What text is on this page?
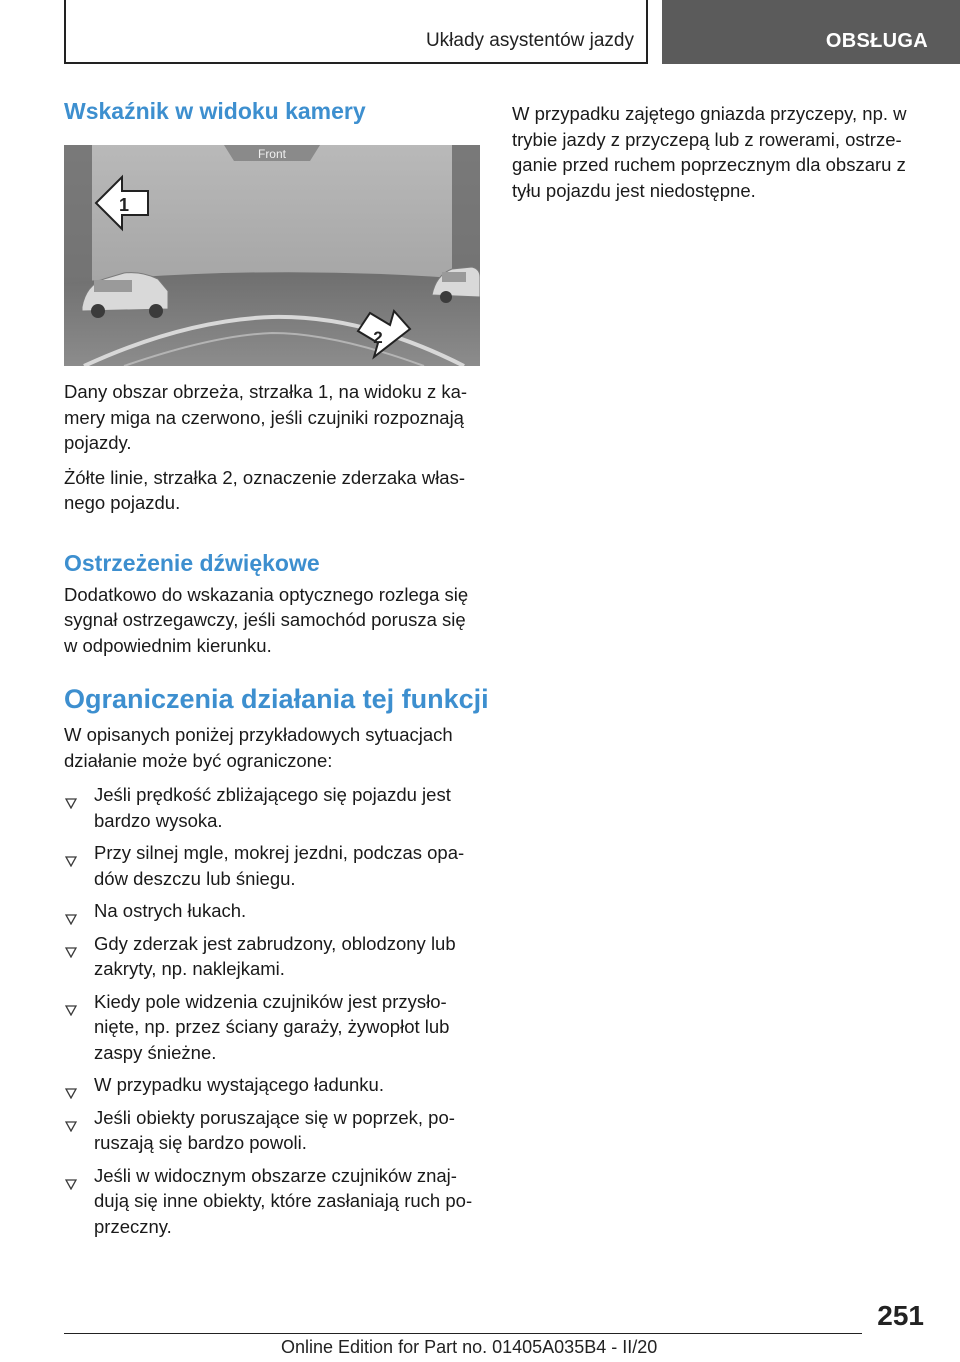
Układy asystentów jazdy	OBSŁUGA
Wskaźnik w widoku kamery
Front
1
2

Dany obszar obrzeża, strzałka 1, na widoku z kamery miga na czerwono, jeśli czujniki rozpoznają pojazdy.

Żółte linie, strzałka 2, oznaczenie zderzaka własnego pojazdu.

Ostrzeżenie dźwiękowe

Dodatkowo do wskazania optycznego rozlega się sygnał ostrzegawczy, jeśli samochód porusza się w odpowiednim kierunku.

Ograniczenia działania tej funkcji

W opisanych poniżej przykładowych sytuacjach działanie może być ograniczone:

Jeśli prędkość zbliżającego się pojazdu jest bardzo wysoka.
Przy silnej mgle, mokrej jezdni, podczas opadów deszczu lub śniegu.
Na ostrych łukach.
Gdy zderzak jest zabrudzony, oblodzony lub zakryty, np. naklejkami.
Kiedy pole widzenia czujników jest przysłonięte, np. przez ściany garaży, żywopłot lub zaspy śnieżne.
W przypadku wystającego ładunku.
Jeśli obiekty poruszające się w poprzek, poruszają się bardzo powoli.
Jeśli w widocznym obszarze czujników znajdują się inne obiekty, które zasłaniają ruch poprzeczny.

W przypadku zajętego gniazda przyczepy, np. w trybie jazdy z przyczepą lub z rowerami, ostrzeganie przed ruchem poprzecznym dla obszaru z tyłu pojazdu jest niedostępne.

251
Online Edition for Part no. 01405A035B4 - II/20
